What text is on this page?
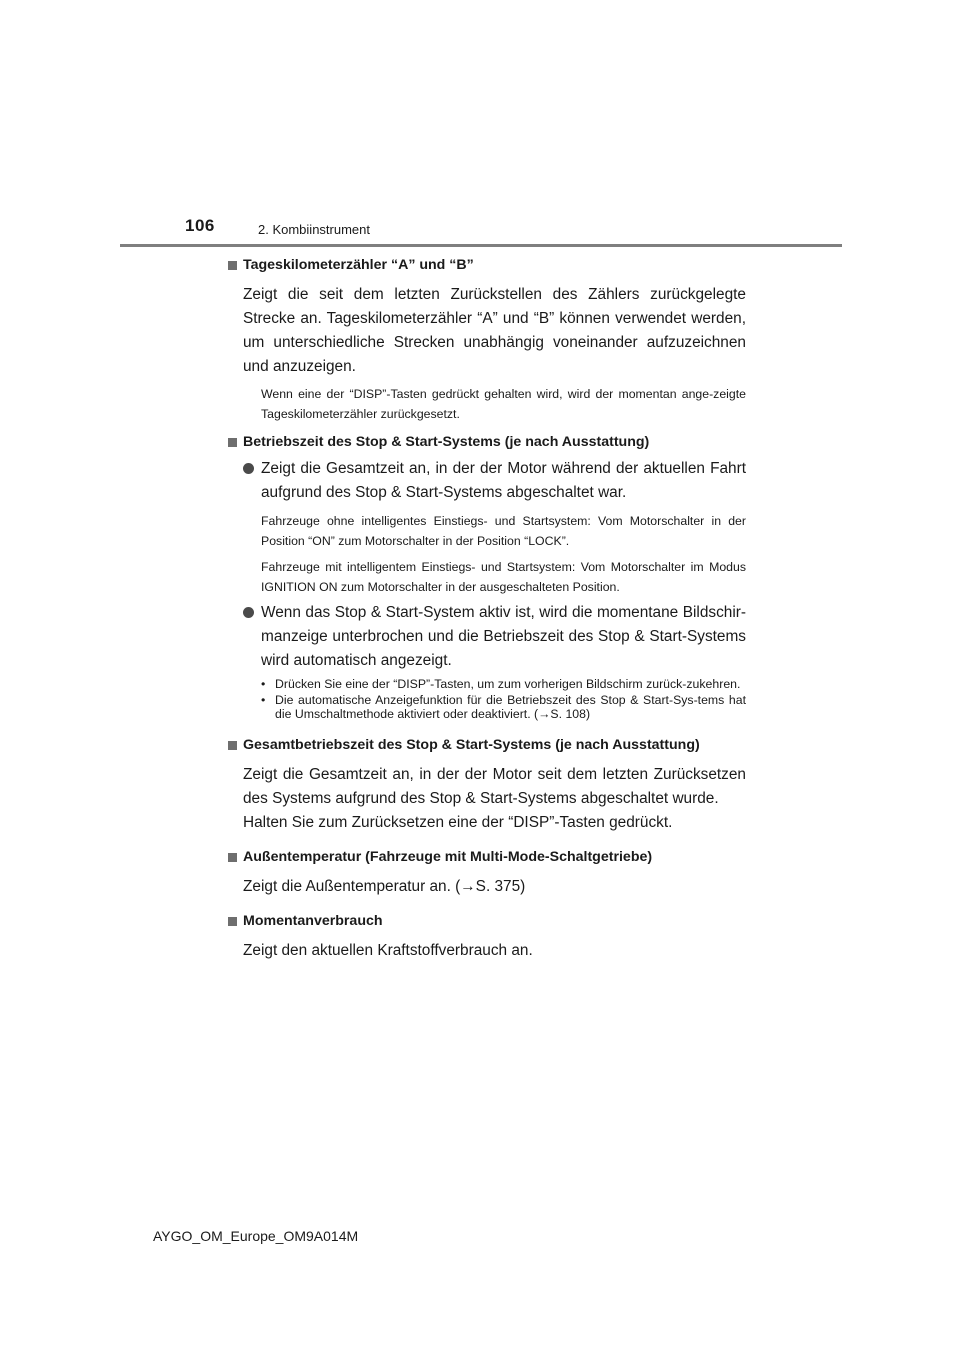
106	2. Kombiinstrument
Tageskilometerzähler “A” und “B”

Zeigt die seit dem letzten Zurückstellen des Zählers zurückgelegte Strecke an. Tageskilometerzähler “A” und “B” können verwendet werden, um unterschiedliche Strecken unabhängig voneinander aufzuzeichnen und anzuzeigen.

Wenn eine der “DISP”-Tasten gedrückt gehalten wird, wird der momentan ange-zeigte Tageskilometerzähler zurückgesetzt.

Betriebszeit des Stop & Start-Systems (je nach Ausstattung)
Zeigt die Gesamtzeit an, in der der Motor während der aktuellen Fahrt aufgrund des Stop & Start-Systems abgeschaltet war.

Fahrzeuge ohne intelligentes Einstiegs- und Startsystem: Vom Motorschalter in der Position “ON” zum Motorschalter in der Position “LOCK”.

Fahrzeuge mit intelligentem Einstiegs- und Startsystem: Vom Motorschalter im Modus IGNITION ON zum Motorschalter in der ausgeschalteten Position.

Wenn das Stop & Start-System aktiv ist, wird die momentane Bildschir-manzeige unterbrochen und die Betriebszeit des Stop & Start-Systems wird automatisch angezeigt.
• Drücken Sie eine der “DISP”-Tasten, um zum vorherigen Bildschirm zurück-zukehren.
• Die automatische Anzeigefunktion für die Betriebszeit des Stop & Start-Sys-tems hat die Umschaltmethode aktiviert oder deaktiviert. (→S. 108)
Gesamtbetriebszeit des Stop & Start-Systems (je nach Ausstattung)

Zeigt die Gesamtzeit an, in der der Motor seit dem letzten Zurücksetzen des Systems aufgrund des Stop & Start-Systems abgeschaltet wurde.

Halten Sie zum Zurücksetzen eine der “DISP”-Tasten gedrückt.

Außentemperatur (Fahrzeuge mit Multi-Mode-Schaltgetriebe)

Zeigt die Außentemperatur an. (→S. 375)

Momentanverbrauch

Zeigt den aktuellen Kraftstoffverbrauch an.

AYGO_OM_Europe_OM9A014M
